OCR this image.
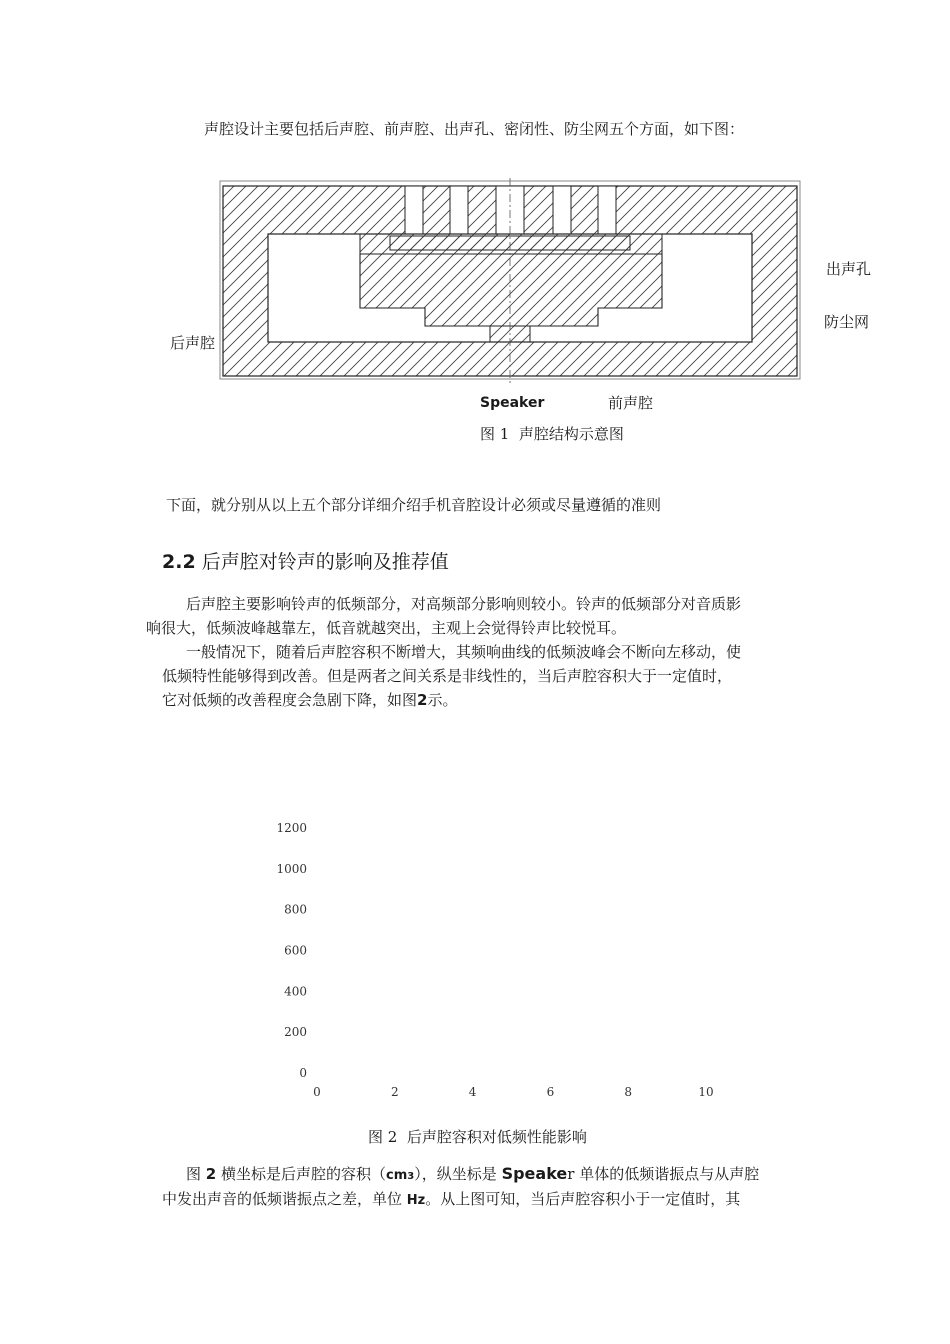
声腔设计主要包括后声腔、前声腔、出声孔、密闭性、防尘网五个方面，如下图：
出声孔
防尘网
后声腔
Speaker	前声腔
图 1 声腔结构示意图
下面，就分别从以上五个部分详细介绍手机音腔设计必须或尽量遵循的准则
2.2 后声腔对铃声的影响及推荐值
后声腔主要影响铃声的低频部分，对高频部分影响则较小。铃声的低频部分对音质影
响很大，低频波峰越靠左，低音就越突出，主观上会觉得铃声比较悦耳。
一般情况下，随着后声腔容积不断增大，其频响曲线的低频波峰会不断向左移动，使
低频特性能够得到改善。但是两者之间关系是非线性的，当后声腔容积大于一定值时，
它对低频的改善程度会急剧下降，如图2示。
0
200
400
600
800
1000
1200
0	2	4	6	8	10
图 2 后声腔容积对低频性能影响
图 2 横坐标是后声腔的容积（cm3），纵坐标是 Speaker 单体的低频谐振点与从声腔
中发出声音的低频谐振点之差，单位 Hz。从上图可知，当后声腔容积小于一定值时，其
